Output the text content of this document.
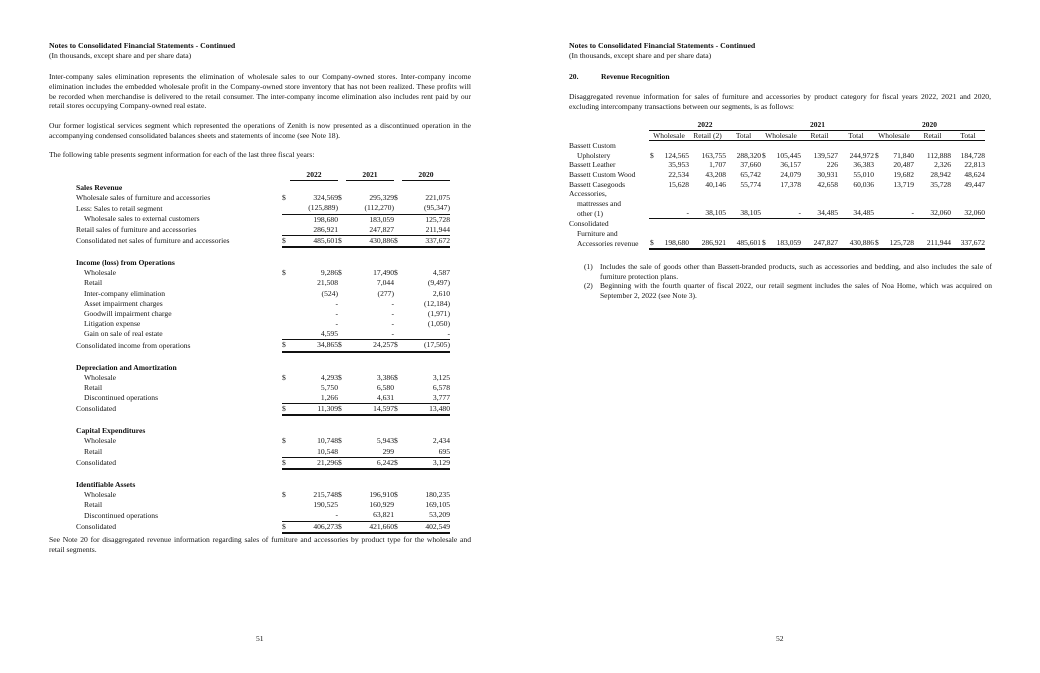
Notes to Consolidated Financial Statements - Continued
(In thousands, except share and per share data)

Inter-company sales elimination represents the elimination of wholesale sales to our Company-owned stores. Inter-company income elimination includes the embedded wholesale profit in the Company-owned store inventory that has not been realized. These profits will be recorded when merchandise is delivered to the retail consumer. The inter-company income elimination also includes rent paid by our retail stores occupying Company-owned real estate.

Our former logistical services segment which represented the operations of Zenith is now presented as a discontinued operation in the accompanying condensed consolidated balances sheets and statements of income (see Note 18).

The following table presents segment information for each of the last three fiscal years:

		2022		2021		2020

Sales Revenue						
Wholesale sales of furniture and accessories	$	324,569	$	295,329	$	221,075
Less: Sales to retail segment		(125,889)		(112,270)		(95,347)
Wholesale sales to external customers		198,680		183,059		125,728
Retail sales of furniture and accessories		286,921		247,827		211,944
Consolidated net sales of furniture and accessories	$	485,601	$	430,886	$	337,672

Income (loss) from Operations						
Wholesale	$	9,286	$	17,490	$	4,587
Retail		21,508		7,044		(9,497)
Inter-company elimination		(524)		(277)		2,610
Asset impairment charges		-		-		(12,184)
Goodwill impairment charge		-		-		(1,971)
Litigation expense		-		-		(1,050)
Gain on sale of real estate		4,595		-		-
Consolidated income from operations	$	34,865	$	24,257	$	(17,505)

Depreciation and Amortization						
Wholesale	$	4,293	$	3,386	$	3,125
Retail		5,750		6,580		6,578
Discontinued operations		1,266		4,631		3,777
Consolidated	$	11,309	$	14,597	$	13,480

Capital Expenditures						
Wholesale	$	10,748	$	5,943	$	2,434
Retail		10,548		299		695
Consolidated	$	21,296	$	6,242	$	3,129

Identifiable Assets						
Wholesale	$	215,748	$	196,910	$	180,235
Retail		190,525		160,929		169,105
Discontinued operations		-		63,821		53,209
Consolidated	$	406,273	$	421,660	$	402,549

See Note 20 for disaggregated revenue information regarding sales of furniture and accessories by product type for the wholesale and retail segments.

51
Notes to Consolidated Financial Statements - Continued
(In thousands, except share and per share data)
20.	Revenue Recognition

Disaggregated revenue information for sales of furniture and accessories by product category for fiscal years 2022, 2021 and 2020, excluding intercompany transactions between our segments, is as follows:

	2022			2021			2020		
	Wholesale	Retail (2)	Total	Wholesale	Retail	Total	Wholesale	Retail	Total
Bassett Custom									
Upholstery	$ 124,565	163,755	288,320	$ 105,445	139,527	244,972	$ 71,840	112,888	184,728
Bassett Leather	35,953	1,707	37,660	36,157	226	36,383	20,487	2,326	22,813
Bassett Custom Wood	22,534	43,208	65,742	24,079	30,931	55,010	19,682	28,942	48,624
Bassett Casegoods	15,628	40,146	55,774	17,378	42,658	60,036	13,719	35,728	49,447
Accessories,									
mattresses and									
other (1)	-	38,105	38,105	-	34,485	34,485	-	32,060	32,060
Consolidated									
Furniture and									
Accessories revenue	$ 198,680	286,921	485,601	$ 183,059	247,827	430,886	$ 125,728	211,944	337,672
(1) Includes the sale of goods other than Bassett-branded products, such as accessories and bedding, and also includes the sale of furniture protection plans.
(2) Beginning with the fourth quarter of fiscal 2022, our retail segment includes the sales of Noa Home, which was acquired on September 2, 2022 (see Note 3).
52
